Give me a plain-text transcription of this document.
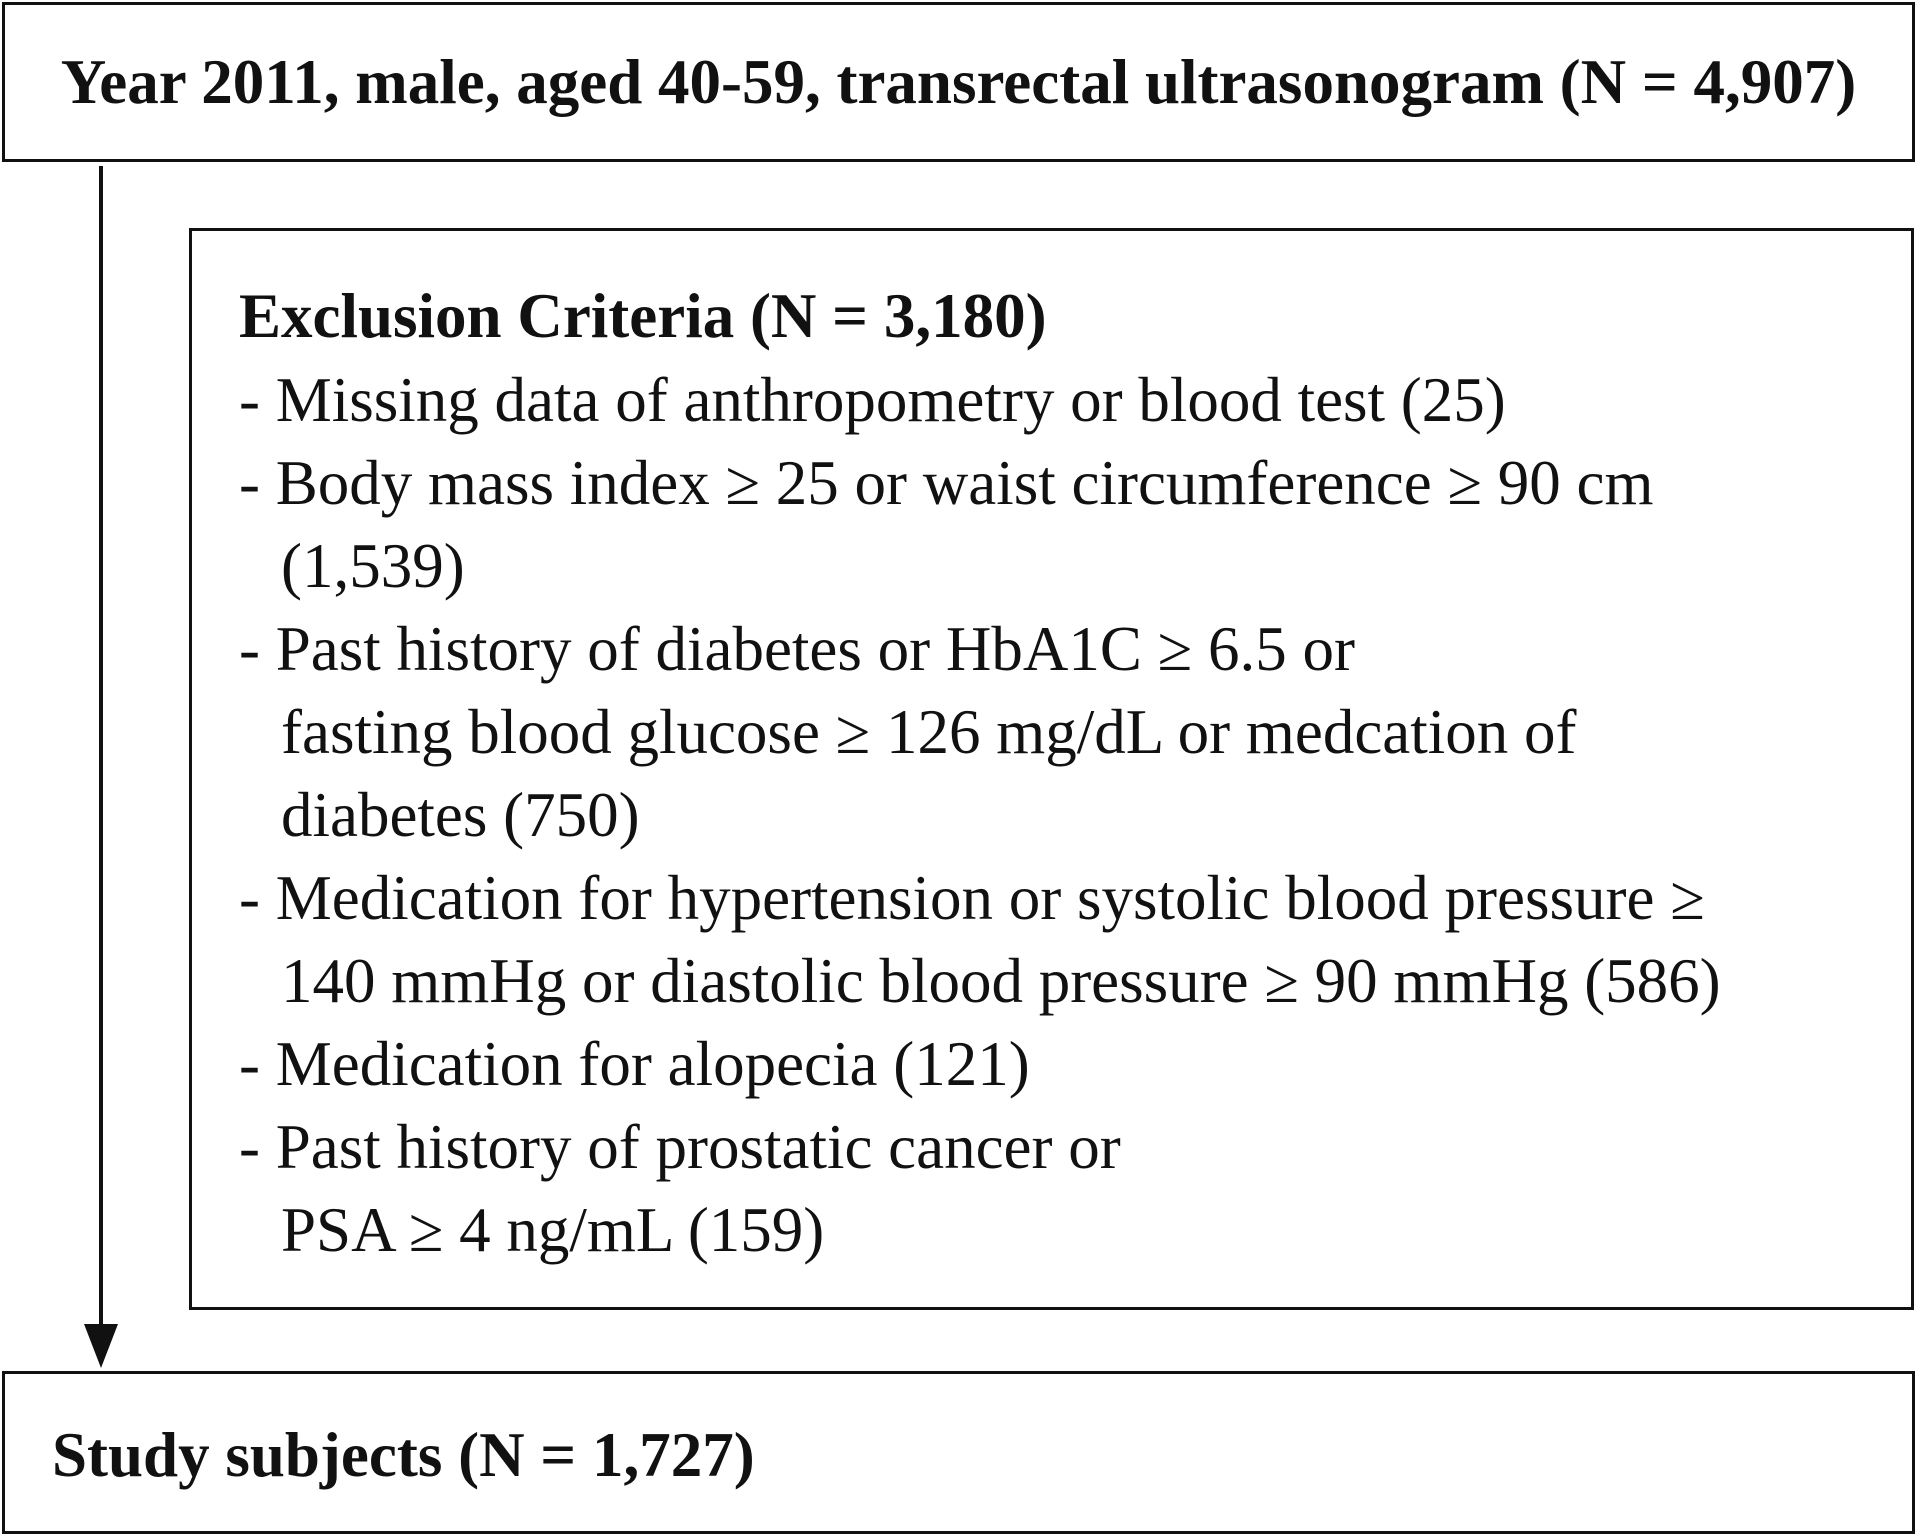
Year 2011, male, aged 40-59, transrectal ultrasonogram (N = 4,907)
Exclusion Criteria (N = 3,180)
- Missing data of anthropometry or blood test (25)
- Body mass index ≥ 25 or waist circumference ≥ 90 cm
(1,539)
- Past history of diabetes or HbA1C ≥ 6.5 or
fasting blood glucose ≥ 126 mg/dL or medcation of
diabetes (750)
- Medication for hypertension or systolic blood pressure ≥
140 mmHg or diastolic blood pressure ≥ 90 mmHg (586)
- Medication for alopecia (121)
- Past history of prostatic cancer or
PSA ≥ 4 ng/mL (159)
Study subjects (N = 1,727)
